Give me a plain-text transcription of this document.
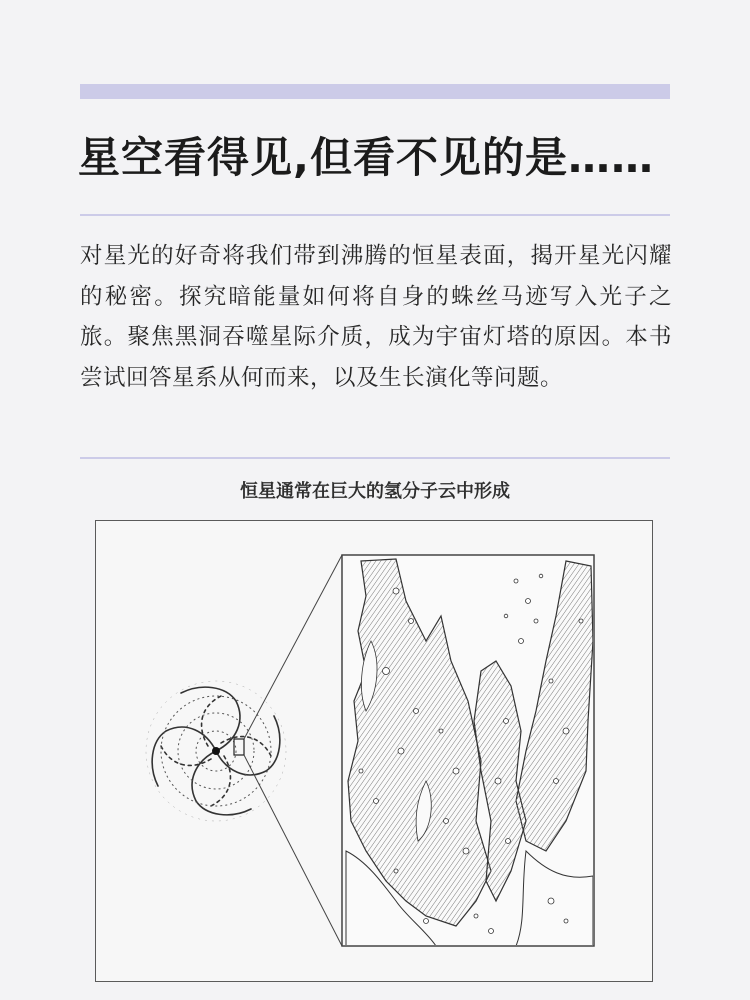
星空看得见,但看不见的是……
对星光的好奇将我们带到沸腾的恒星表面，揭开星光闪耀的秘密。探究暗能量如何将自身的蛛丝马迹写入光子之旅。聚焦黑洞吞噬星际介质，成为宇宙灯塔的原因。本书尝试回答星系从何而来，以及生长演化等问题。
恒星通常在巨大的氢分子云中形成
